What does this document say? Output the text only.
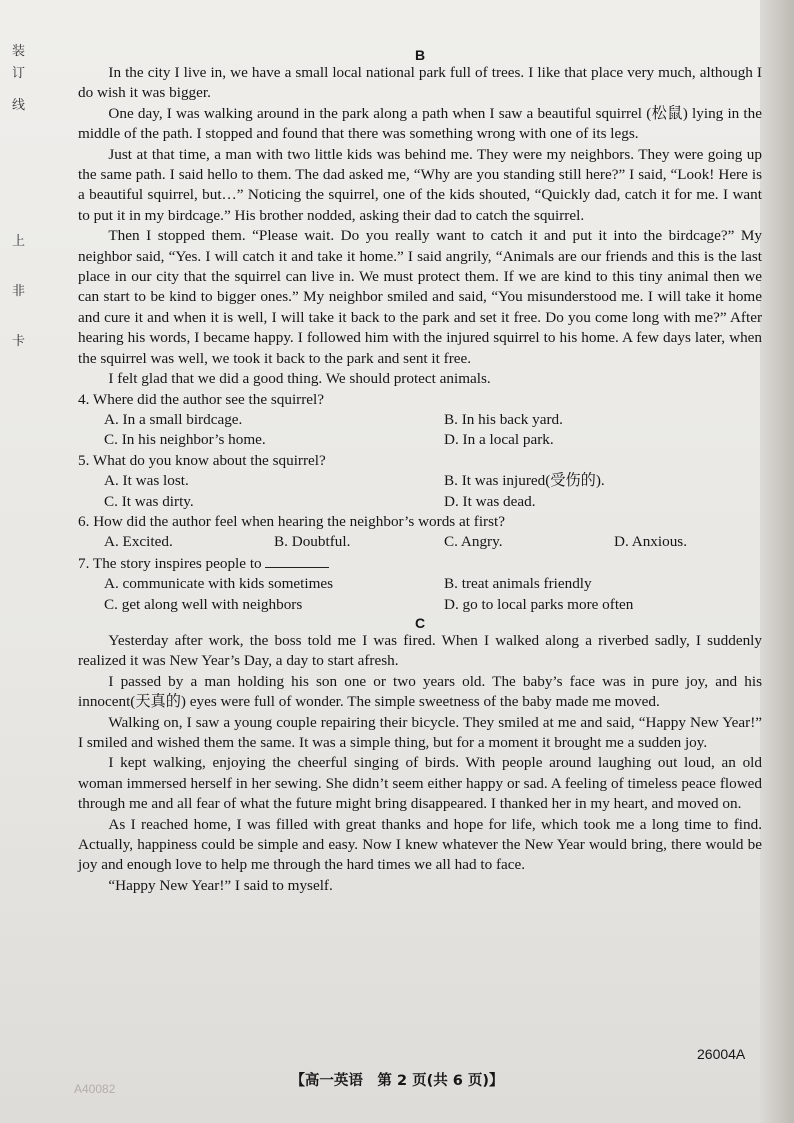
装
订
线
上
非
卡
B

In the city I live in, we have a small local national park full of trees. I like that place very much, although I do wish it was bigger.

One day, I was walking around in the park along a path when I saw a beautiful squirrel (松鼠) lying in the middle of the path. I stopped and found that there was something wrong with one of its legs.

Just at that time, a man with two little kids was behind me. They were my neighbors. They were going up the same path. I said hello to them. The dad asked me, “Why are you standing still here?” I said, “Look! Here is a beautiful squirrel, but…” Noticing the squirrel, one of the kids shouted, “Quickly dad, catch it for me. I want to put it in my birdcage.” His brother nodded, asking their dad to catch the squirrel.

Then I stopped them. “Please wait. Do you really want to catch it and put it into the birdcage?” My neighbor said, “Yes. I will catch it and take it home.” I said angrily, “Animals are our friends and this is the last place in our city that the squirrel can live in. We must protect them. If we are kind to this tiny animal then we can start to be kind to bigger ones.” My neighbor smiled and said, “You misunderstood me. I will take it home and cure it and when it is well, I will take it back to the park and set it free. Do you come long with me?” After hearing his words, I became happy. I followed him with the injured squirrel to his home. A few days later, when the squirrel was well, we took it back to the park and sent it free.

I felt glad that we did a good thing. We should protect animals.

4. Where did the author see the squirrel?
A. In a small birdcage.	B. In his back yard.
C. In his neighbor’s home.	D. In a local park.
5. What do you know about the squirrel?
A. It was lost.	B. It was injured(受伤的).
C. It was dirty.	D. It was dead.
6. How did the author feel when hearing the neighbor’s words at first?
A. Excited.	B. Doubtful.	C. Angry.	D. Anxious.
7. The story inspires people to
A. communicate with kids sometimes	B. treat animals friendly
C. get along well with neighbors	D. go to local parks more often
C

Yesterday after work, the boss told me I was fired. When I walked along a riverbed sadly, I suddenly realized it was New Year’s Day, a day to start afresh.

I passed by a man holding his son one or two years old. The baby’s face was in pure joy, and his innocent(天真的) eyes were full of wonder. The simple sweetness of the baby made me moved.

Walking on, I saw a young couple repairing their bicycle. They smiled at me and said, “Happy New Year!” I smiled and wished them the same. It was a simple thing, but for a moment it brought me a sudden joy.

I kept walking, enjoying the cheerful singing of birds. With people around laughing out loud, an old woman immersed herself in her sewing. She didn’t seem either happy or sad. A feeling of timeless peace flowed through me and all fear of what the future might bring disappeared. I thanked her in my heart, and moved on.

As I reached home, I was filled with great thanks and hope for life, which took me a long time to find. Actually, happiness could be simple and easy. Now I knew whatever the New Year would bring, there would be joy and enough love to help me through the hard times we all had to face.

“Happy New Year!” I said to myself.

26004A
【高一英语　第 2 页(共 6 页)】
A40082
